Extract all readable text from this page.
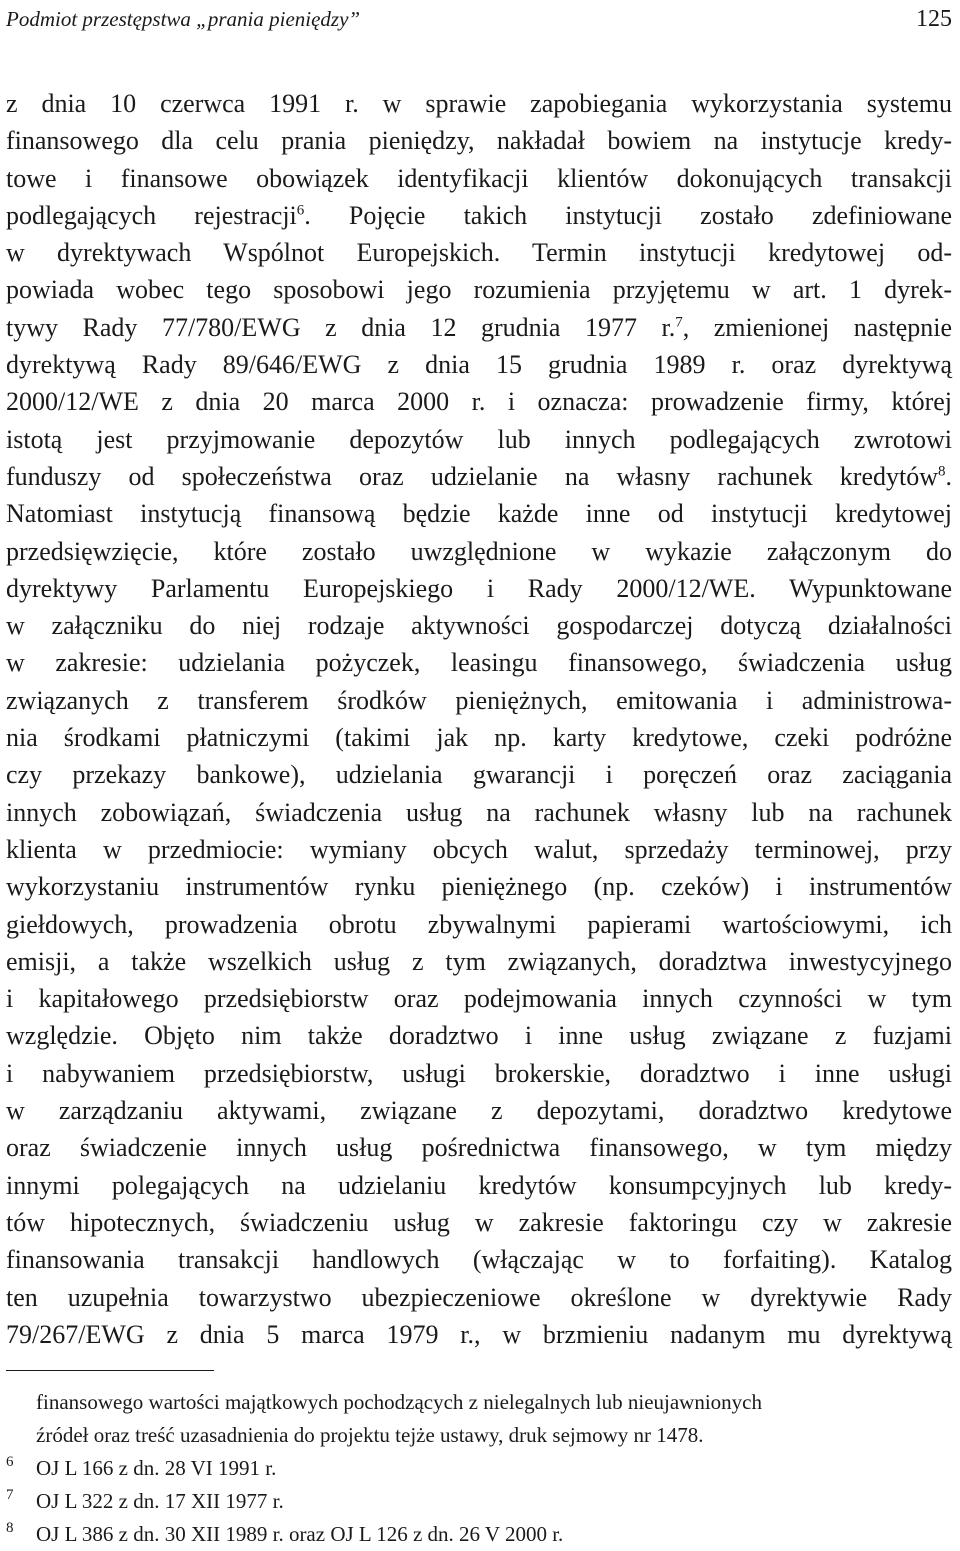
Podmiot przestępstwa „prania pieniędzy”	125
z dnia 10 czerwca 1991 r. w sprawie zapobiegania wykorzystania systemu
finansowego dla celu prania pieniędzy, nakładał bowiem na instytucje kredy-
towe i finansowe obowiązek identyfikacji klientów dokonujących transakcji
podlegających rejestracji$^6$. Pojęcie takich instytucji zostało zdefiniowane
w dyrektywach Wspólnot Europejskich. Termin instytucji kredytowej od-
powiada wobec tego sposobowi jego rozumienia przyjętemu w art. 1 dyrek-
tywy Rady 77/780/EWG z dnia 12 grudnia 1977 r.$^7$, zmienionej następnie
dyrektywą Rady 89/646/EWG z dnia 15 grudnia 1989 r. oraz dyrektywą
2000/12/WE z dnia 20 marca 2000 r. i oznacza: prowadzenie firmy, której
istotą jest przyjmowanie depozytów lub innych podlegających zwrotowi
funduszy od społeczeństwa oraz udzielanie na własny rachunek kredytów$^8$.
Natomiast instytucją finansową będzie każde inne od instytucji kredytowej
przedsięwzięcie, które zostało uwzględnione w wykazie załączonym do
dyrektywy Parlamentu Europejskiego i Rady 2000/12/WE. Wypunktowane
w załączniku do niej rodzaje aktywności gospodarczej dotyczą działalności
w zakresie: udzielania pożyczek, leasingu finansowego, świadczenia usług
związanych z transferem środków pieniężnych, emitowania i administrowa-
nia środkami płatniczymi (takimi jak np. karty kredytowe, czeki podróżne
czy przekazy bankowe), udzielania gwarancji i poręczeń oraz zaciągania
innych zobowiązań, świadczenia usług na rachunek własny lub na rachunek
klienta w przedmiocie: wymiany obcych walut, sprzedaży terminowej, przy
wykorzystaniu instrumentów rynku pieniężnego (np. czeków) i instrumentów
giełdowych, prowadzenia obrotu zbywalnymi papierami wartościowymi, ich
emisji, a także wszelkich usług z tym związanych, doradztwa inwestycyjnego
i kapitałowego przedsiębiorstw oraz podejmowania innych czynności w tym
względzie. Objęto nim także doradztwo i inne usług związane z fuzjami
i nabywaniem przedsiębiorstw, usługi brokerskie, doradztwo i inne usługi
w zarządzaniu aktywami, związane z depozytami, doradztwo kredytowe
oraz świadczenie innych usług pośrednictwa finansowego, w tym między
innymi polegających na udzielaniu kredytów konsumpcyjnych lub kredy-
tów hipotecznych, świadczeniu usług w zakresie faktoringu czy w zakresie
finansowania transakcji handlowych (włączając w to forfaiting). Katalog
ten uzupełnia towarzystwo ubezpieczeniowe określone w dyrektywie Rady
79/267/EWG z dnia 5 marca 1979 r., w brzmieniu nadanym mu dyrektywą
finansowego wartości majątkowych pochodzących z nielegalnych lub nieujawnionych
źródeł oraz treść uzasadnienia do projektu tejże ustawy, druk sejmowy nr 1478.
6 OJ L 166 z dn. 28 VI 1991 r.
7 OJ L 322 z dn. 17 XII 1977 r.
8 OJ L 386 z dn. 30 XII 1989 r. oraz OJ L 126 z dn. 26 V 2000 r.
